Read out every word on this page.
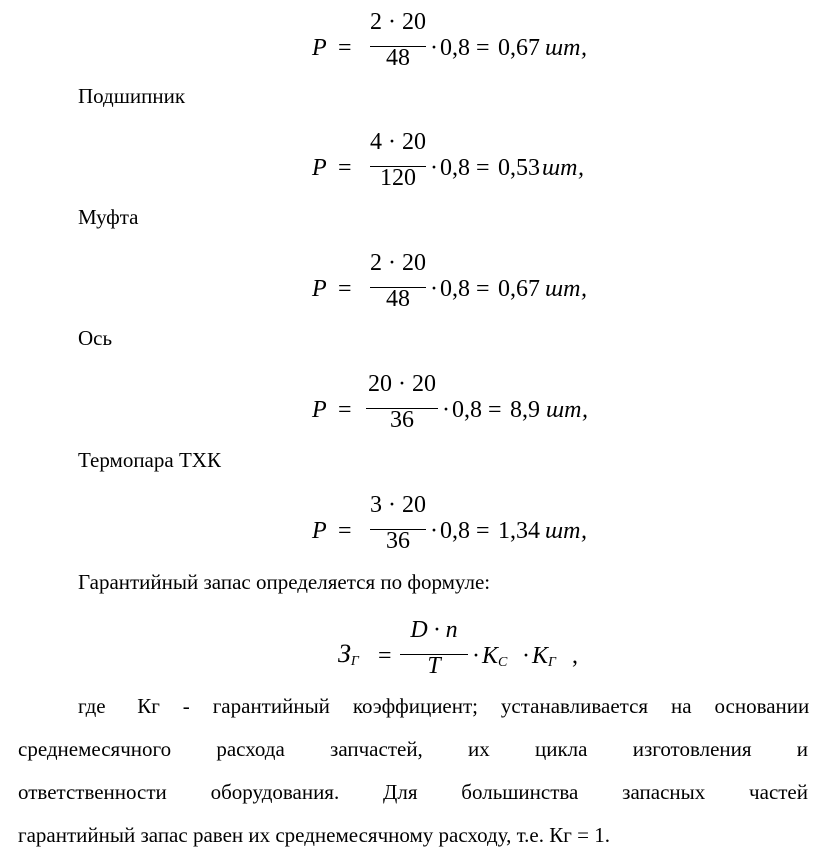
P =
2 · 20
48 · 0,8 = 0,67 шт,
Подшипник
P =
4 · 20
120 · 0,8 = 0,53 шт,
Муфта
P =
2 · 20
48 · 0,8 = 0,67 шт,
Ось
P =
20 · 20
36	· 0,8 = 8,9 шт,
Термопара ТХК
P =
3 · 20
36 · 0,8 = 1,34 шт,
Гарантийный запас определяется по формуле:
$З_Г$ =
D · n
T	· $K_C \cdot K_Г$ ,
где Кг - гарантийный коэффициент; устанавливается на основании
среднемесячного расхода запчастей, их цикла изготовления и
ответственности оборудования. Для большинства запасных частей
гарантийный запас равен их среднемесячному расходу, т.е. Кг = 1.
